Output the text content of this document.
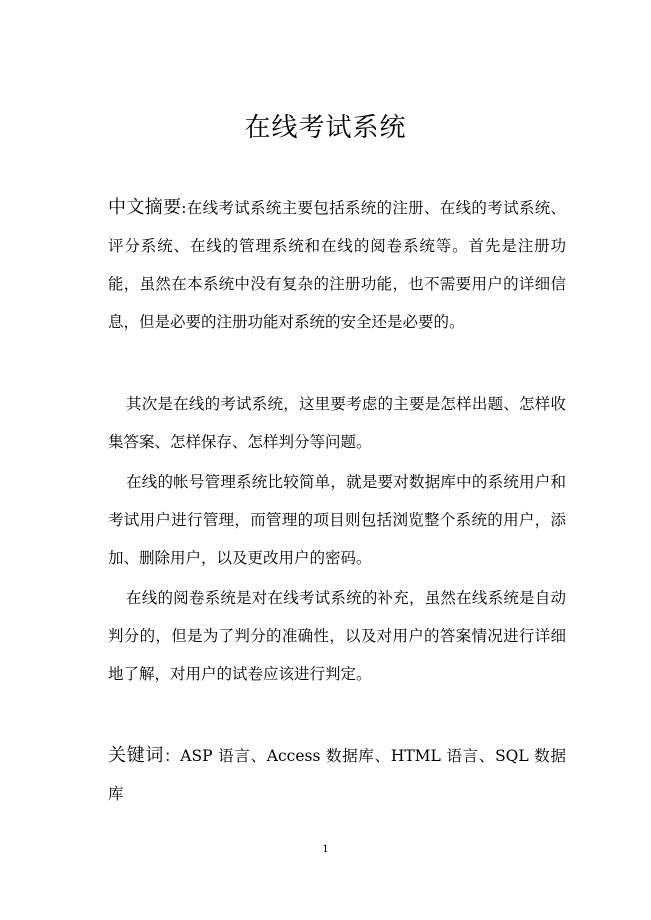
在线考试系统

中文摘要:在线考试系统主要包括系统的注册、在线的考试系统、评分系统、在线的管理系统和在线的阅卷系统等。首先是注册功能，虽然在本系统中没有复杂的注册功能，也不需要用户的详细信息，但是必要的注册功能对系统的安全还是必要的。

其次是在线的考试系统，这里要考虑的主要是怎样出题、怎样收集答案、怎样保存、怎样判分等问题。

在线的帐号管理系统比较简单，就是要对数据库中的系统用户和考试用户进行管理，而管理的项目则包括浏览整个系统的用户，添加、删除用户，以及更改用户的密码。

在线的阅卷系统是对在线考试系统的补充，虽然在线系统是自动判分的，但是为了判分的准确性，以及对用户的答案情况进行详细地了解，对用户的试卷应该进行判定。

关键词：ASP 语言、Access 数据库、HTML 语言、SQL 数据库

1
